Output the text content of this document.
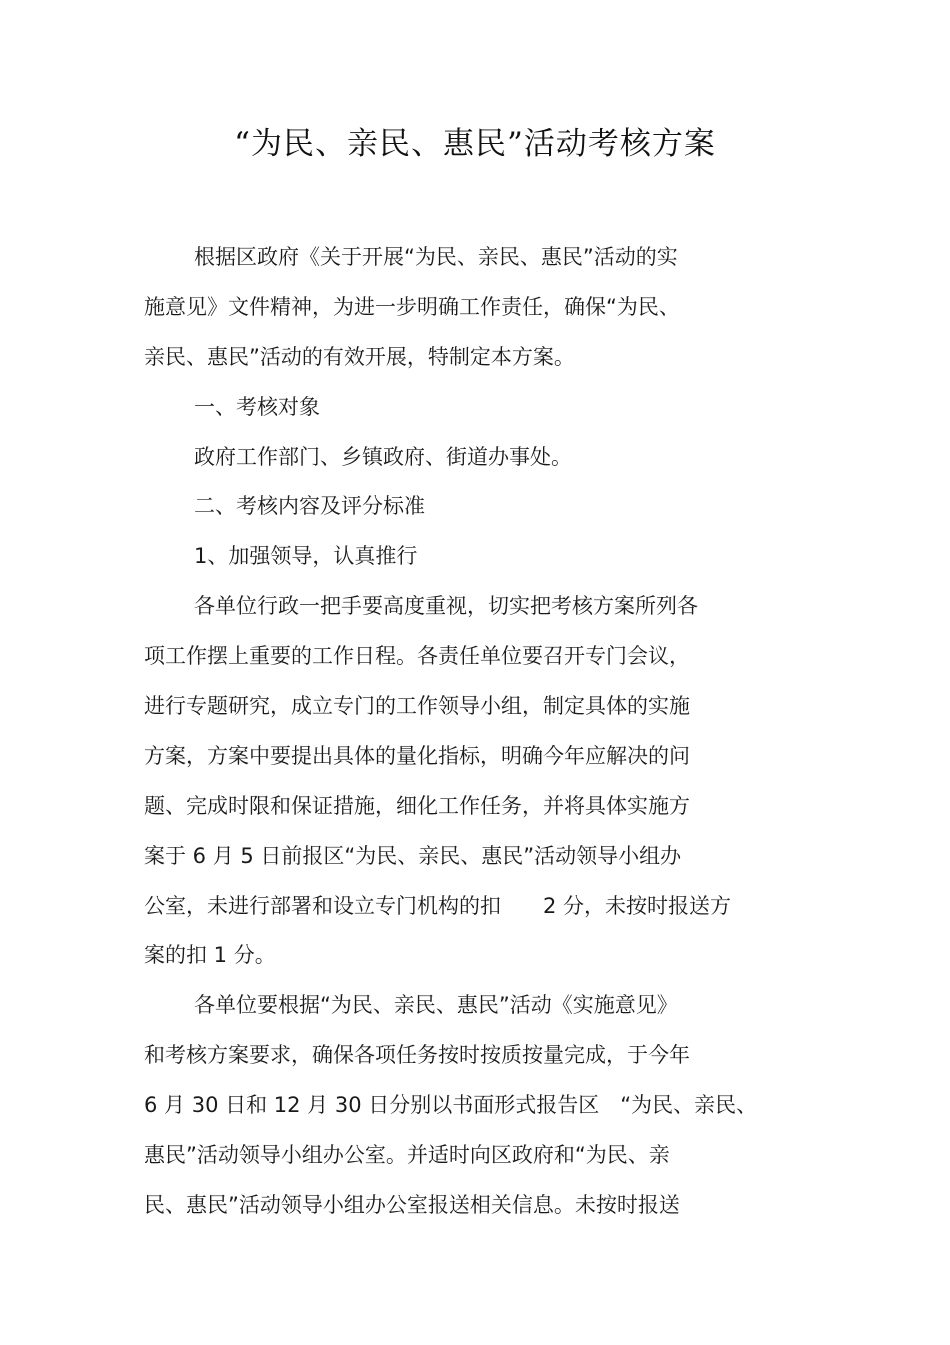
“为民、亲民、惠民”活动考核方案
根据区政府《关于开展“为民、亲民、惠民”活动的实
施意见》文件精神，为进一步明确工作责任，确保“为民、
亲民、惠民”活动的有效开展，特制定本方案。
一、考核对象
政府工作部门、乡镇政府、街道办事处。
二、考核内容及评分标准
1、加强领导，认真推行
各单位行政一把手要高度重视，切实把考核方案所列各
项工作摆上重要的工作日程。各责任单位要召开专门会议，
进行专题研究，成立专门的工作领导小组，制定具体的实施
方案，方案中要提出具体的量化指标，明确今年应解决的问
题、完成时限和保证措施，细化工作任务，并将具体实施方
案于 6 月 5 日前报区“为民、亲民、惠民”活动领导小组办
公室，未进行部署和设立专门机构的扣　　2 分，未按时报送方
案的扣 1 分。
各单位要根据“为民、亲民、惠民”活动《实施意见》
和考核方案要求，确保各项任务按时按质按量完成，于今年
6 月 30 日和 12 月 30 日分别以书面形式报告区　“为民、亲民、
惠民”活动领导小组办公室。并适时向区政府和“为民、亲
民、惠民”活动领导小组办公室报送相关信息。未按时报送
